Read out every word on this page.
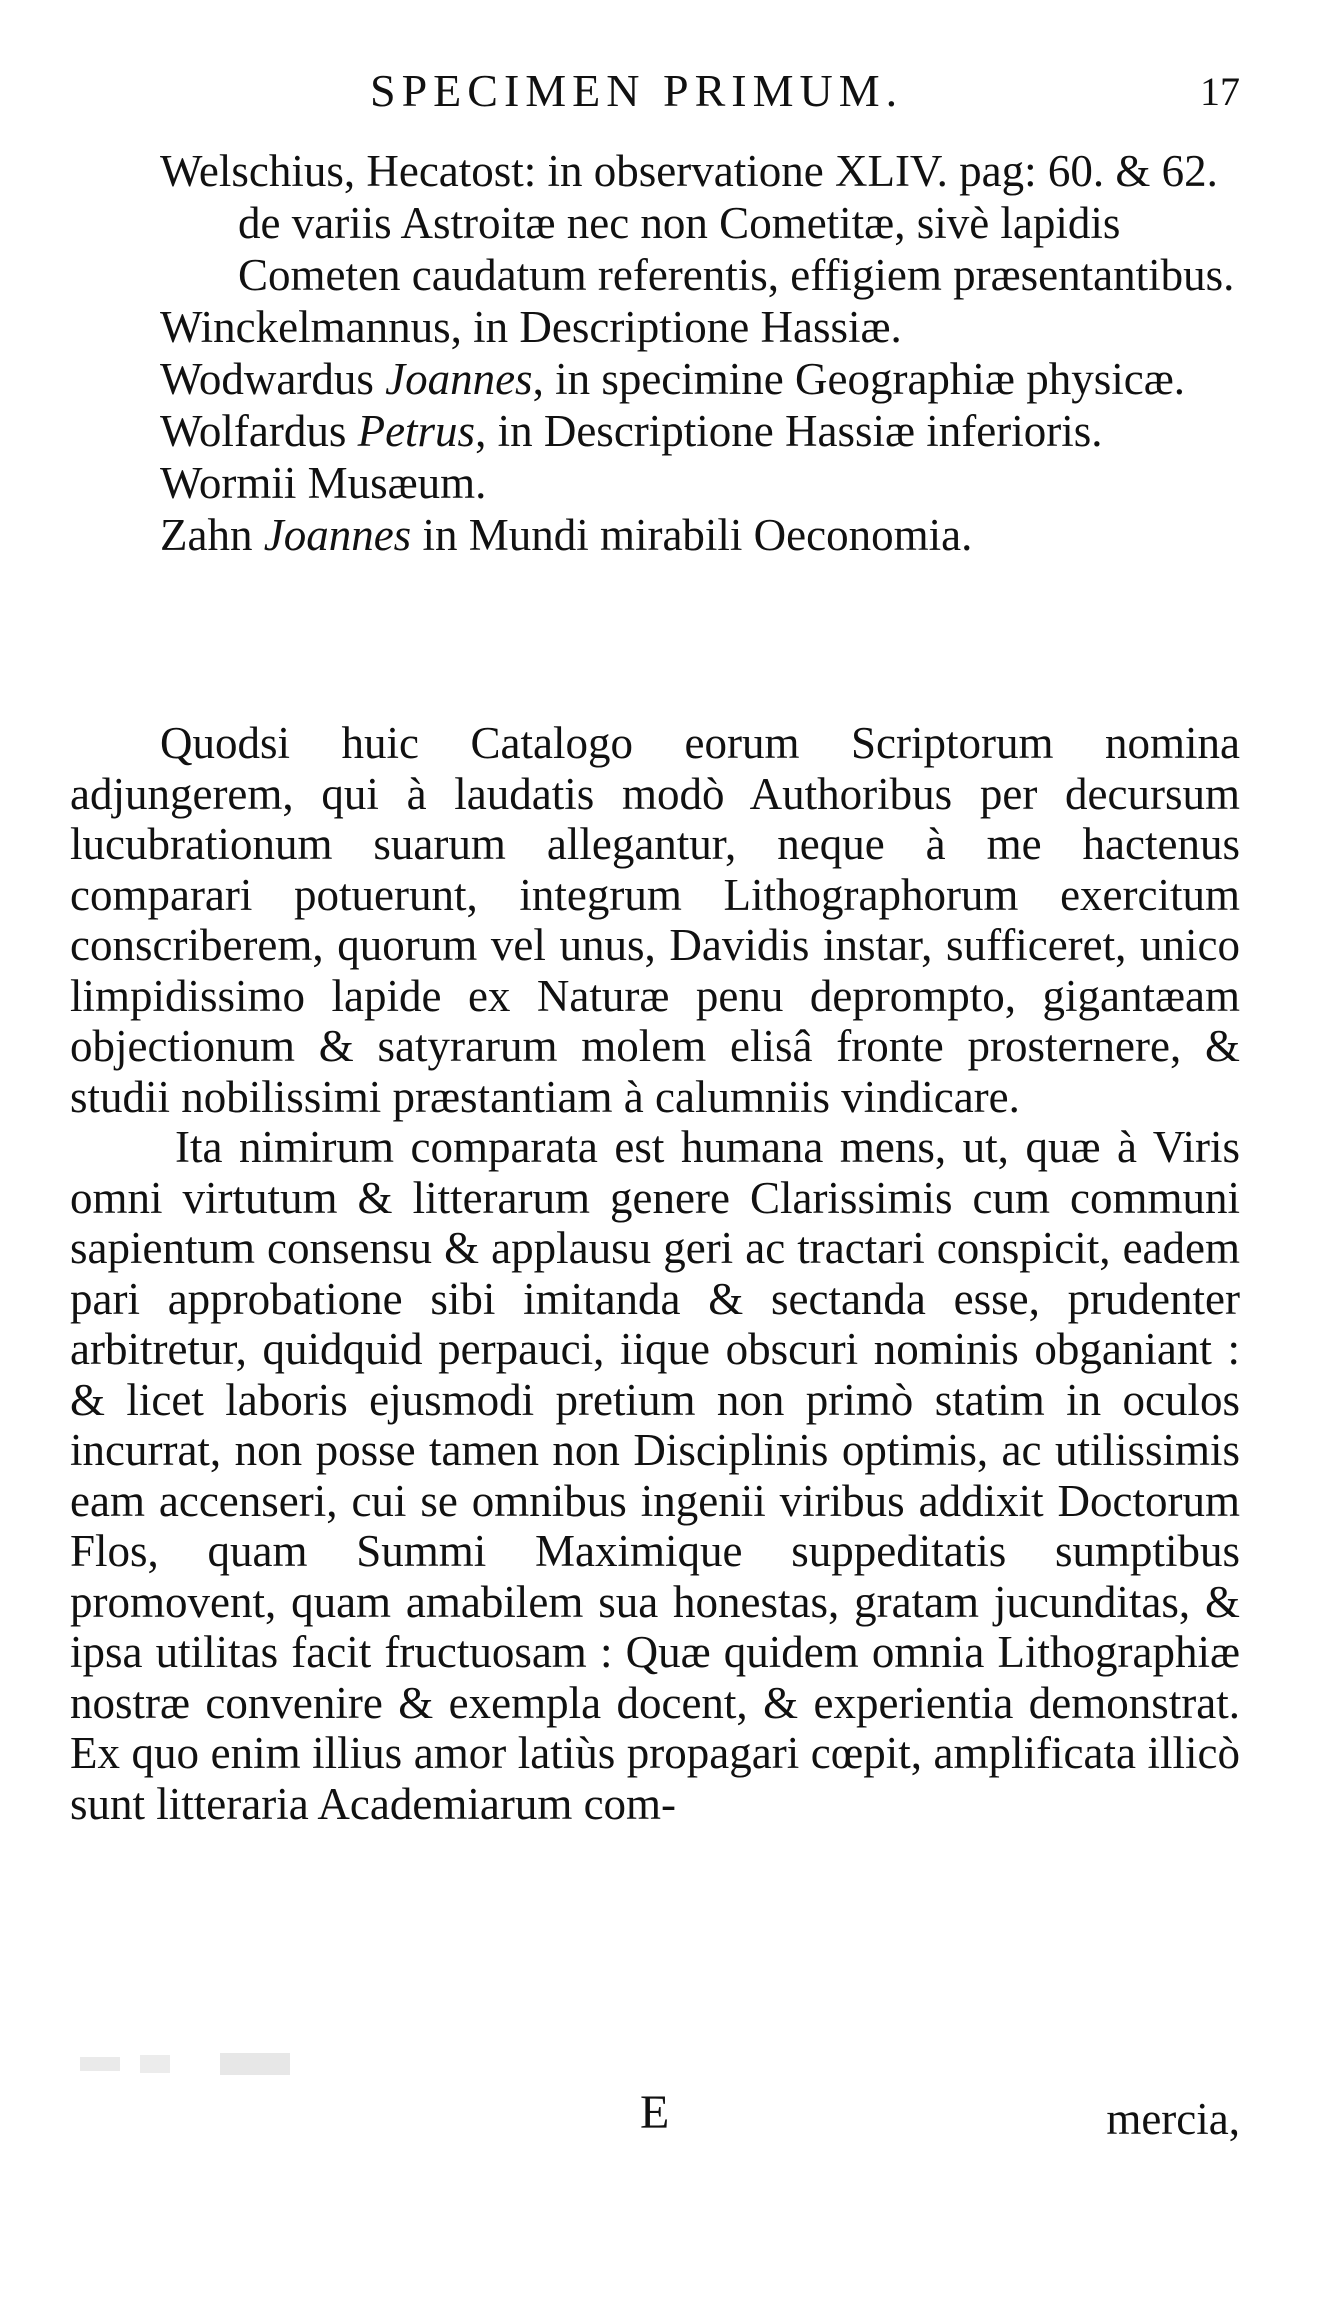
SPECIMEN PRIMUM.	17

Welschius, Hecatost: in observatione XLIV. pag: 60. & 62. de variis Astroitæ nec non Cometitæ, sivè lapidis Cometen caudatum referentis, effigiem præsentantibus.

Winckelmannus, in Descriptione Hassiæ.

Wodwardus Joannes, in specimine Geographiæ physicæ.

Wolfardus Petrus, in Descriptione Hassiæ inferioris.

Wormii Musæum.

Zahn Joannes in Mundi mirabili Oeconomia.

Quodsi huic Catalogo eorum Scriptorum nomina adjungerem, qui à laudatis modò Authoribus per decursum lucubrationum suarum allegantur, neque à me hactenus comparari potuerunt, integrum Lithographorum exercitum conscriberem, quorum vel unus, Davidis instar, sufficeret, unico limpidissimo lapide ex Naturæ penu deprompto, gigantæam objectionum & satyrarum molem elisâ fronte prosternere, & studii nobilissimi præstantiam à calumniis vindicare.

Ita nimirum comparata est humana mens, ut, quæ à Viris omni virtutum & litterarum genere Clarissimis cum communi sapientum consensu & applausu geri ac tractari conspicit, eadem pari approbatione sibi imitanda & sectanda esse, prudenter arbitretur, quidquid perpauci, iique obscuri nominis obganiant : & licet laboris ejusmodi pretium non primò statim in oculos incurrat, non posse tamen non Disciplinis optimis, ac utilissimis eam accenseri, cui se omnibus ingenii viribus addixit Doctorum Flos, quam Summi Maximique suppeditatis sumptibus promovent, quam amabilem sua honestas, gratam jucunditas, & ipsa utilitas facit fructuosam : Quæ quidem omnia Lithographiæ nostræ convenire & exempla docent, & experientia demonstrat. Ex quo enim illius amor latiùs propagari cœpit, amplificata illicò sunt litteraria Academiarum com-

E	mercia,
